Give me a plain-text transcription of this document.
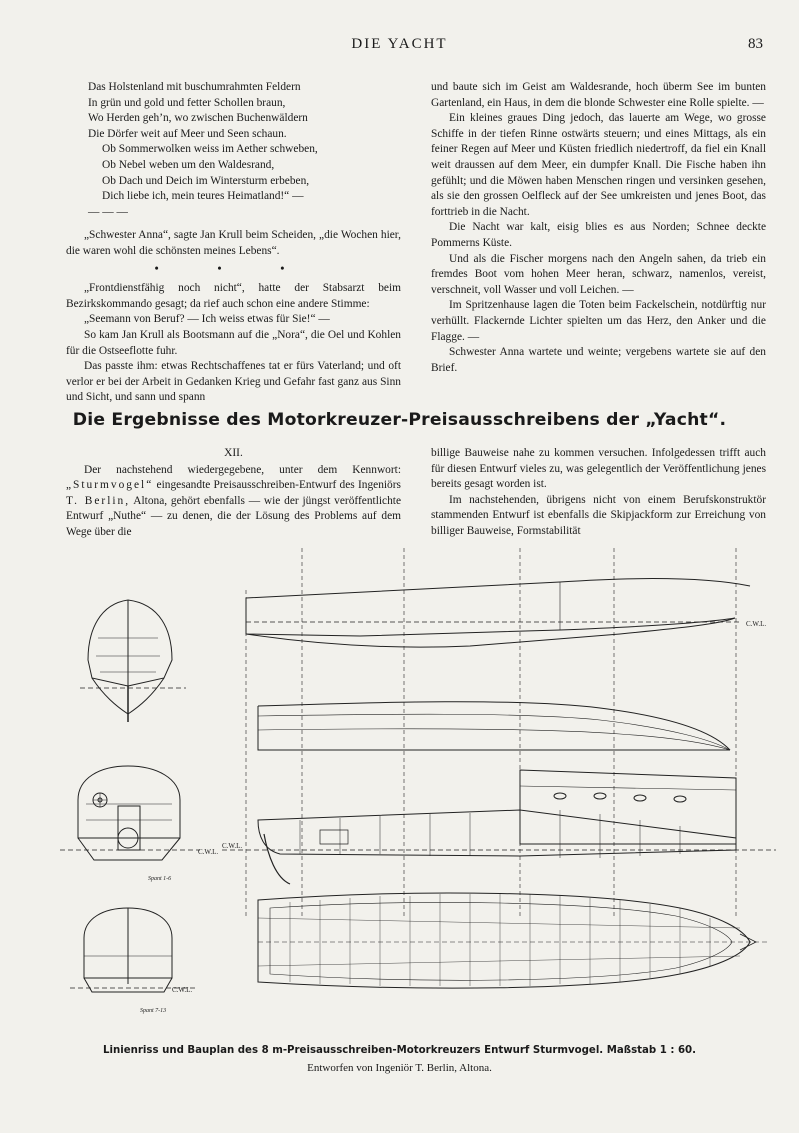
DIE YACHT	83
Das Holstenland mit buschumrahmten Feldern
In grün und gold und fetter Schollen braun,
Wo Herden geh’n, wo zwischen Buchenwäldern
Die Dörfer weit auf Meer und Seen schaun.
Ob Sommerwolken weiss im Aether schweben,
Ob Nebel weben um den Waldesrand,
Ob Dach und Deich im Wintersturm erbeben,
Dich liebe ich, mein teures Heimatland!“ —
— — —

„Schwester Anna“, sagte Jan Krull beim Scheiden, „die Wochen hier, die waren wohl die schönsten meines Lebens“.

• • •

„Frontdienstfähig noch nicht“, hatte der Stabsarzt beim Bezirkskommando gesagt; da rief auch schon eine andere Stimme:

„Seemann von Beruf? — Ich weiss etwas für Sie!“ —

So kam Jan Krull als Bootsmann auf die „Nora“, die Oel und Kohlen für die Ostseeflotte fuhr.

Das passte ihm: etwas Rechtschaffenes tat er fürs Vaterland; und oft verlor er bei der Arbeit in Gedanken Krieg und Gefahr fast ganz aus Sinn und Sicht, und sann und spann

und baute sich im Geist am Waldesrande, hoch überm See im bunten Gartenland, ein Haus, in dem die blonde Schwester eine Rolle spielte. —

Ein kleines graues Ding jedoch, das lauerte am Wege, wo grosse Schiffe in der tiefen Rinne ostwärts steuern; und eines Mittags, als ein feiner Regen auf Meer und Küsten friedlich niedertroff, da fiel ein Knall weit draussen auf dem Meer, ein dumpfer Knall. Die Fische haben ihn gefühlt; und die Möwen haben Menschen ringen und versinken gesehen, als sie den grossen Oelfleck auf der See umkreisten und jenes Boot, das forttrieb in die Nacht.

Die Nacht war kalt, eisig blies es aus Norden; Schnee deckte Pommerns Küste.

Und als die Fischer morgens nach den Angeln sahen, da trieb ein fremdes Boot vom hohen Meer heran, schwarz, namenlos, vereist, verschneit, voll Wasser und voll Leichen. —

Im Spritzenhause lagen die Toten beim Fackelschein, notdürftig nur verhüllt. Flackernde Lichter spielten um das Herz, den Anker und die Flagge. —

Schwester Anna wartete und weinte; vergebens wartete sie auf den Brief.

Die Ergebnisse des Motorkreuzer-Preisausschreibens der „Yacht“.
XII.

Der nachstehend wiedergegebene, unter dem Kennwort: „Sturmvogel“ eingesandte Preisausschreiben-Entwurf des Ingeniörs T. Berlin, Altona, gehört ebenfalls — wie der jüngst veröffentlichte Entwurf „Nuthe“ — zu denen, die der Lösung des Problems auf dem Wege über die

billige Bauweise nahe zu kommen versuchen. Infolgedessen trifft auch für diesen Entwurf vieles zu, was gelegentlich der Veröffentlichung jenes bereits gesagt worden ist.

Im nachstehenden, übrigens nicht von einem Berufskonstruktör stammenden Entwurf ist ebenfalls die Skipjackform zur Erreichung von billiger Bauweise, Formstabilität

C.W.L.
Spant 1-6
C.W.L.
Spant 7-13
C.W.L.
C.W.L.
Linienriss und Bauplan des 8 m-Preisausschreiben-Motorkreuzers Entwurf Sturmvogel. Maßstab 1 : 60.
Entworfen von Ingeniör T. Berlin, Altona.
